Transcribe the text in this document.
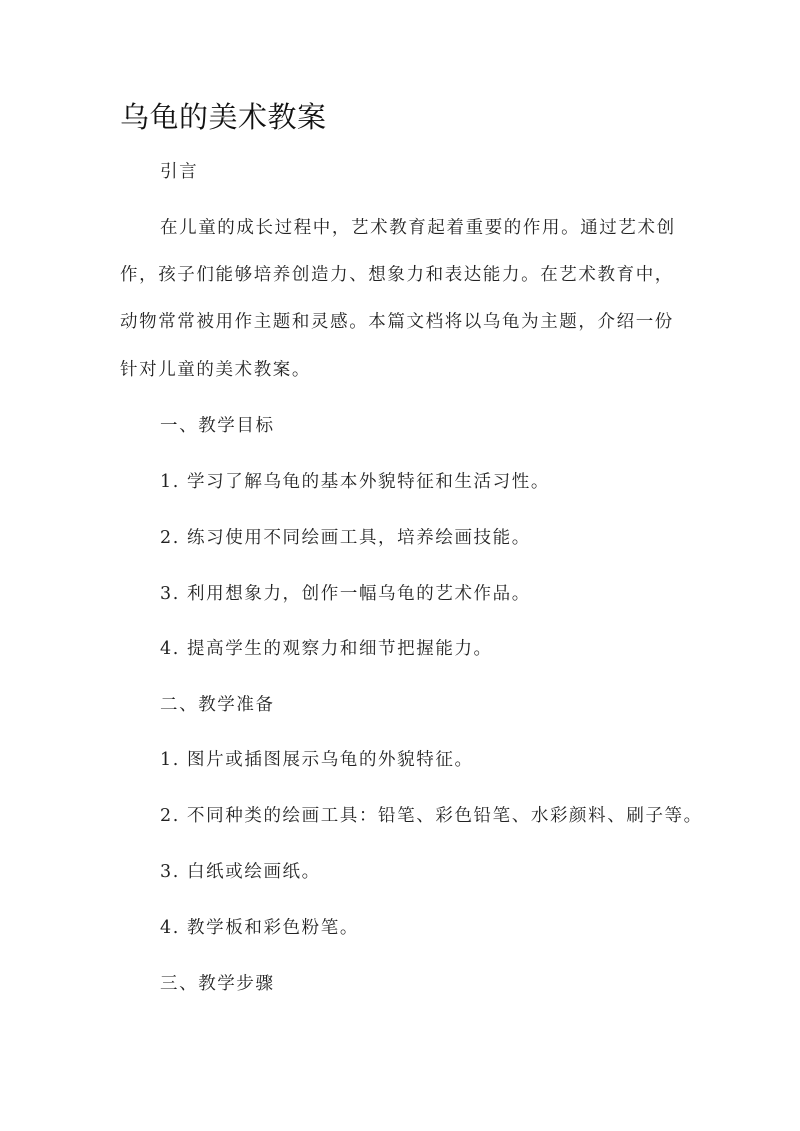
乌龟的美术教案

引言

在儿童的成长过程中，艺术教育起着重要的作用。通过艺术创

作，孩子们能够培养创造力、想象力和表达能力。在艺术教育中，

动物常常被用作主题和灵感。本篇文档将以乌龟为主题，介绍一份

针对儿童的美术教案。

一、教学目标

1. 学习了解乌龟的基本外貌特征和生活习性。

2. 练习使用不同绘画工具，培养绘画技能。

3. 利用想象力，创作一幅乌龟的艺术作品。

4. 提高学生的观察力和细节把握能力。

二、教学准备

1. 图片或插图展示乌龟的外貌特征。

2. 不同种类的绘画工具：铅笔、彩色铅笔、水彩颜料、刷子等。

3. 白纸或绘画纸。

4. 教学板和彩色粉笔。

三、教学步骤
